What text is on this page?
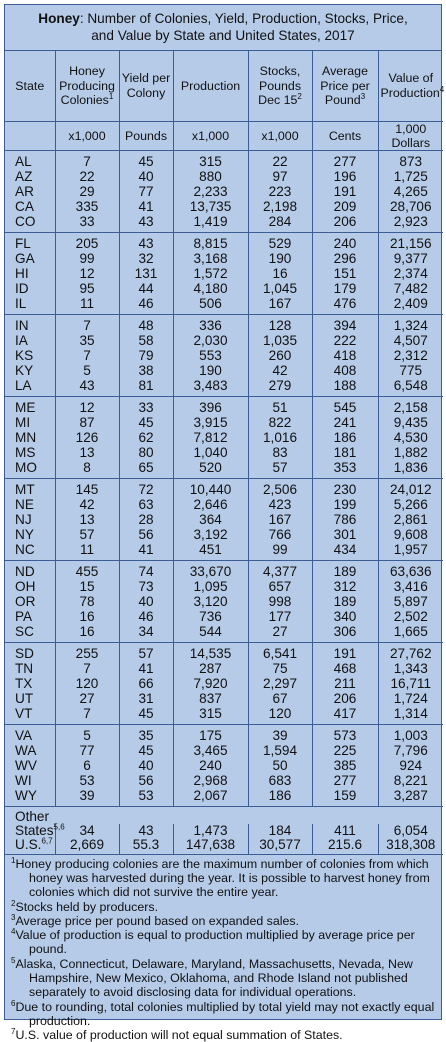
Honey: Number of Colonies, Yield, Production, Stocks, Price,
and Value by State and United States, 2017
State	Honey Producing Colonies$^1$	Yield per Colony	Production	Stocks, Pounds Dec $15^2$	Average Price per Pound$^3$	Value of Production$^4$
	x1,000	Pounds	x1,000	x1,000	Cents	1,000 Dollars
AL	7	45	315	22	277	873
AZ	22	40	880	97	196	1,725
AR	29	77	2,233	223	191	4,265
CA	335	41	13,735	2,198	209	28,706
CO	33	43	1,419	284	206	2,923
FL	205	43	8,815	529	240	21,156
GA	99	32	3,168	190	296	9,377
HI	12	131	1,572	16	151	2,374
ID	95	44	4,180	1,045	179	7,482
IL	11	46	506	167	476	2,409
IN	7	48	336	128	394	1,324
IA	35	58	2,030	1,035	222	4,507
KS	7	79	553	260	418	2,312
KY	5	38	190	42	408	775
LA	43	81	3,483	279	188	6,548
ME	12	33	396	51	545	2,158
MI	87	45	3,915	822	241	9,435
MN	126	62	7,812	1,016	186	4,530
MS	13	80	1,040	83	181	1,882
MO	8	65	520	57	353	1,836
MT	145	72	10,440	2,506	230	24,012
NE	42	63	2,646	423	199	5,266
NJ	13	28	364	167	786	2,861
NY	57	56	3,192	766	301	9,608
NC	11	41	451	99	434	1,957
ND	455	74	33,670	4,377	189	63,636
OH	15	73	1,095	657	312	3,416
OR	78	40	3,120	998	189	5,897
PA	16	46	736	177	340	2,502
SC	16	34	544	27	306	1,665
SD	255	57	14,535	6,541	191	27,762
TN	7	41	287	75	468	1,343
TX	120	66	7,920	2,297	211	16,711
UT	27	31	837	67	206	1,724
VT	7	45	315	120	417	1,314
VA	5	35	175	39	573	1,003
WA	77	45	3,465	1,594	225	7,796
WV	6	40	240	50	385	924
WI	53	56	2,968	683	277	8,221
WY	39	53	2,067	186	159	3,287
Other						
States$^{5,6}$	34	43	1,473	184	411	6,054
U.S.$^{6,7}$	2,669	55.3	147,638	30,577	215.6	318,308
$^1$Honey producing colonies are the maximum number of colonies from which honey was harvested during the year. It is possible to harvest honey from colonies which did not survive the entire year.
$^2$Stocks held by producers.
$^3$Average price per pound based on expanded sales.
$^4$Value of production is equal to production multiplied by average price per pound.
$^5$Alaska, Connecticut, Delaware, Maryland, Massachusetts, Nevada, New Hampshire, New Mexico, Oklahoma, and Rhode Island not published separately to avoid disclosing data for individual operations.
$^6$Due to rounding, total colonies multiplied by total yield may not exactly equal production.
$^7$U.S. value of production will not equal summation of States.
